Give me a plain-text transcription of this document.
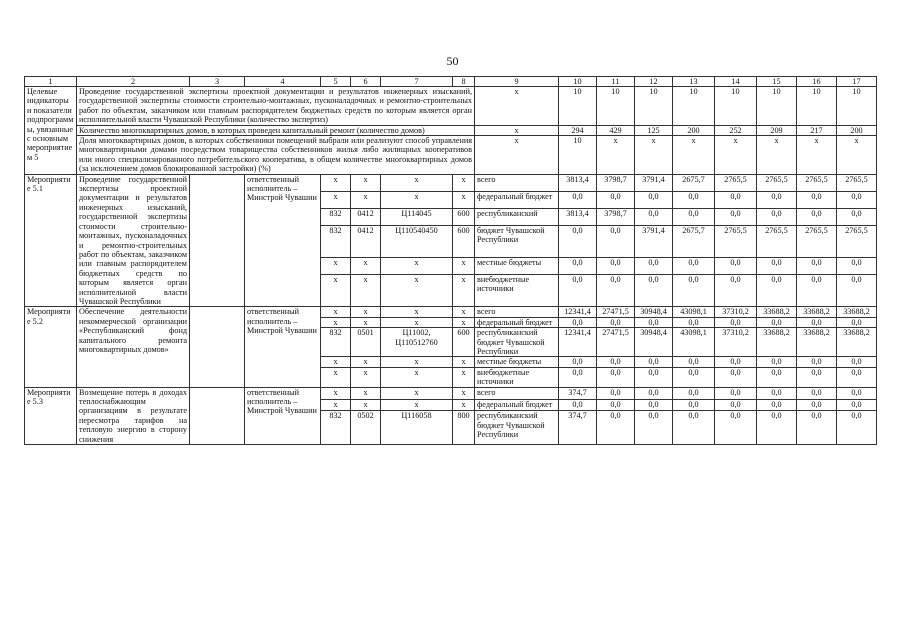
50
1	2	3	4	5	6	7	8	9	10	11	12	13	14	15	16	17
Целевые индикаторы и показатели подпрограммы, увязанные с основным мероприятием 5	Проведение государственной экспертизы проектной документации и результатов инженерных изысканий, государственной экспертизы стоимости строительно-монтажных, пусконаладочных и ремонтно-строительных работ по объектам, заказчиком или главным распорядителем бюджетных средств по которым является орган исполнительной власти Чувашской Республики (количество экспертиз)							x	10	10	10	10	10	10	10	10
	Количество многоквартирных домов, в которых проведен капитальный ремонт (количество домов)							x	294	429	125	200	252	209	217	200
	Доля многоквартирных домов, в которых собственники помещений выбрали или реализуют способ управления многоквартирными домами посредством товарищества собственников жилья либо жилищных кооперативов или иного специализированного потребительского кооператива, в общем количестве многоквартирных домов (за исключением домов блокированной застройки) (%)							x	10	x	x	x	x	x	x	x
Мероприятие 5.1	Проведение государственной экспертизы проектной документации и результатов инженерных изысканий, государственной экспертизы стоимости строительно-монтажных, пусконаладочных и ремонтно-строительных работ по объектам, заказчиком или главным распорядителем бюджетных средств по которым является орган исполнительной власти Чувашской Республики		ответственный исполнитель – Минстрой Чувашии	x	x	x	x	всего	3813,4	3798,7	3791,4	2675,7	2765,5	2765,5	2765,5	2765,5
				x	x	x	x	федеральный бюджет	0,0	0,0	0,0	0,0	0,0	0,0	0,0	0,0
				832	0412	Ц114045	600	республиканский	3813,4	3798,7	0,0	0,0	0,0	0,0	0,0	0,0
				832	0412	Ц110540450	600	бюджет Чувашской Республики	0,0	0,0	3791,4	2675,7	2765,5	2765,5	2765,5	2765,5
				x	x	x	x	местные бюджеты	0,0	0,0	0,0	0,0	0,0	0,0	0,0	0,0
				x	x	x	x	внебюджетные источники	0,0	0,0	0,0	0,0	0,0	0,0	0,0	0,0
Мероприятие 5.2	Обеспечение деятельности некоммерческой организации «Республиканский фонд капитального ремонта многоквартирных домов»		ответственный исполнитель – Минстрой Чувашии	x	x	x	x	всего	12341,4	27471,5	30948,4	43098,1	37310,2	33688,2	33688,2	33688,2
				x	x	x	x	федеральный бюджет	0,0	0,0	0,0	0,0	0,0	0,0	0,0	0,0
				832	0501	Ц11002, Ц110512760	600	республиканский бюджет Чувашской Республики	12341,4	27471,5	30948,4	43098,1	37310,2	33688,2	33688,2	33688,2
				x	x	x	x	местные бюджеты	0,0	0,0	0,0	0,0	0,0	0,0	0,0	0,0
				x	x	x	x	внебюджетные источники	0,0	0,0	0,0	0,0	0,0	0,0	0,0	0,0
Мероприятие 5.3	Возмещение потерь в доходах теплоснабжающим организациям в результате пересмотра тарифов на тепловую энергию в сторону снижения		ответственный исполнитель – Минстрой Чувашии	x	x	x	x	всего	374,7	0,0	0,0	0,0	0,0	0,0	0,0	0,0
				x	x	x	x	федеральный бюджет	0,0	0,0	0,0	0,0	0,0	0,0	0,0	0,0
				832	0502	Ц116058	800	республиканский бюджет Чувашской Республики	374,7	0,0	0,0	0,0	0,0	0,0	0,0	0,0
